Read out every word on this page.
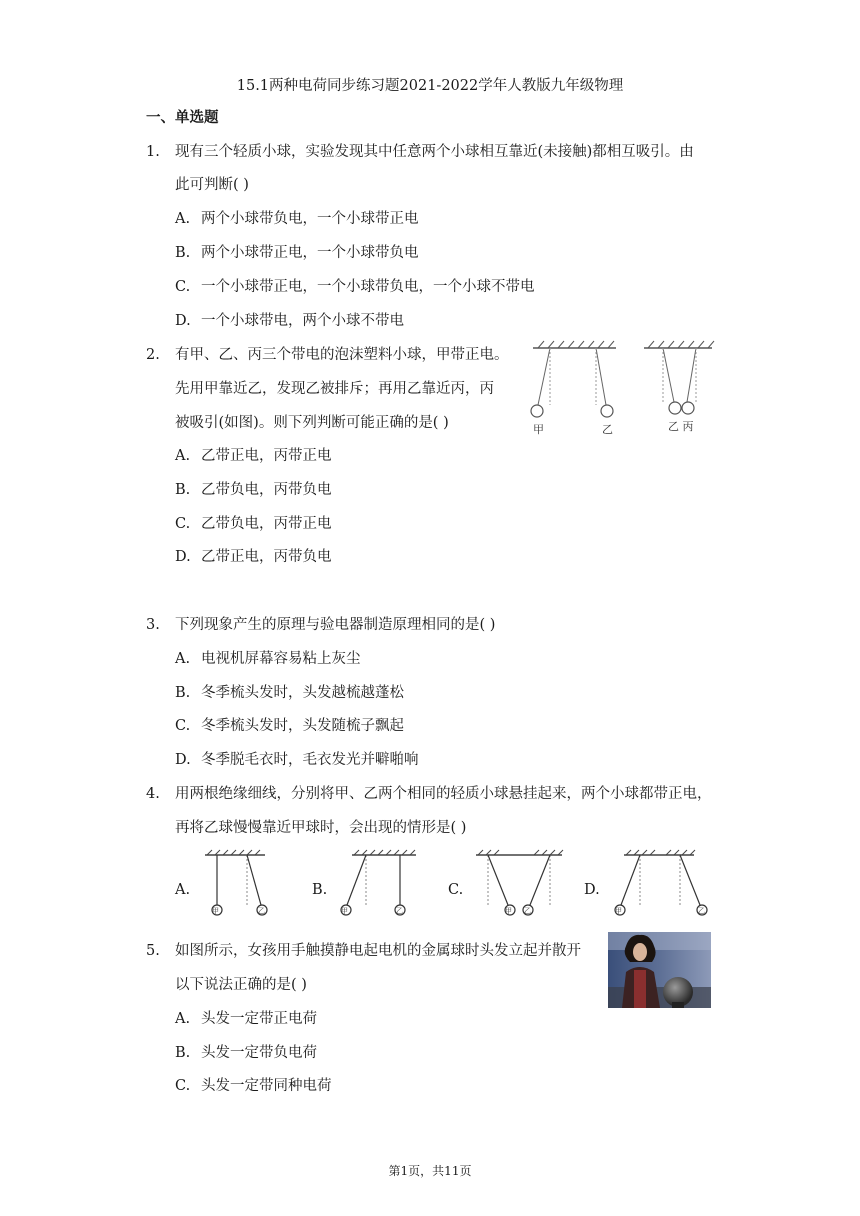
15.1两种电荷同步练习题2021-2022学年人教版九年级物理
一、单选题
1. 现有三个轻质小球，实验发现其中任意两个小球相互靠近(未接触)都相互吸引。由
此可判断( )
A. 两个小球带负电，一个小球带正电
B. 两个小球带正电，一个小球带负电
C. 一个小球带正电，一个小球带负电，一个小球不带电
D. 一个小球带电，两个小球不带电
2. 有甲、乙、丙三个带电的泡沫塑料小球，甲带正电。
先用甲靠近乙，发现乙被排斥；再用乙靠近丙，丙
被吸引(如图)。则下列判断可能正确的是( )	甲	乙	乙 丙
A. 乙带正电，丙带正电
B. 乙带负电，丙带负电
C. 乙带负电，丙带正电
D. 乙带正电，丙带负电
3. 下列现象产生的原理与验电器制造原理相同的是( )
A. 电视机屏幕容易粘上灰尘
B. 冬季梳头发时，头发越梳越蓬松
C. 冬季梳头发时，头发随梳子飘起
D. 冬季脱毛衣时，毛衣发光并噼啪响
4. 用两根绝缘细线，分别将甲、乙两个相同的轻质小球悬挂起来，两个小球都带正电，
再将乙球慢慢靠近甲球时，会出现的情形是( )
A.	B.	C.	D.
甲	乙	甲	乙	甲 乙	甲	乙
5. 如图所示，女孩用手触摸静电起电机的金属球时头发立起并散开
以下说法正确的是( )
A. 头发一定带正电荷
B. 头发一定带负电荷
C. 头发一定带同种电荷
第1页，共11页
